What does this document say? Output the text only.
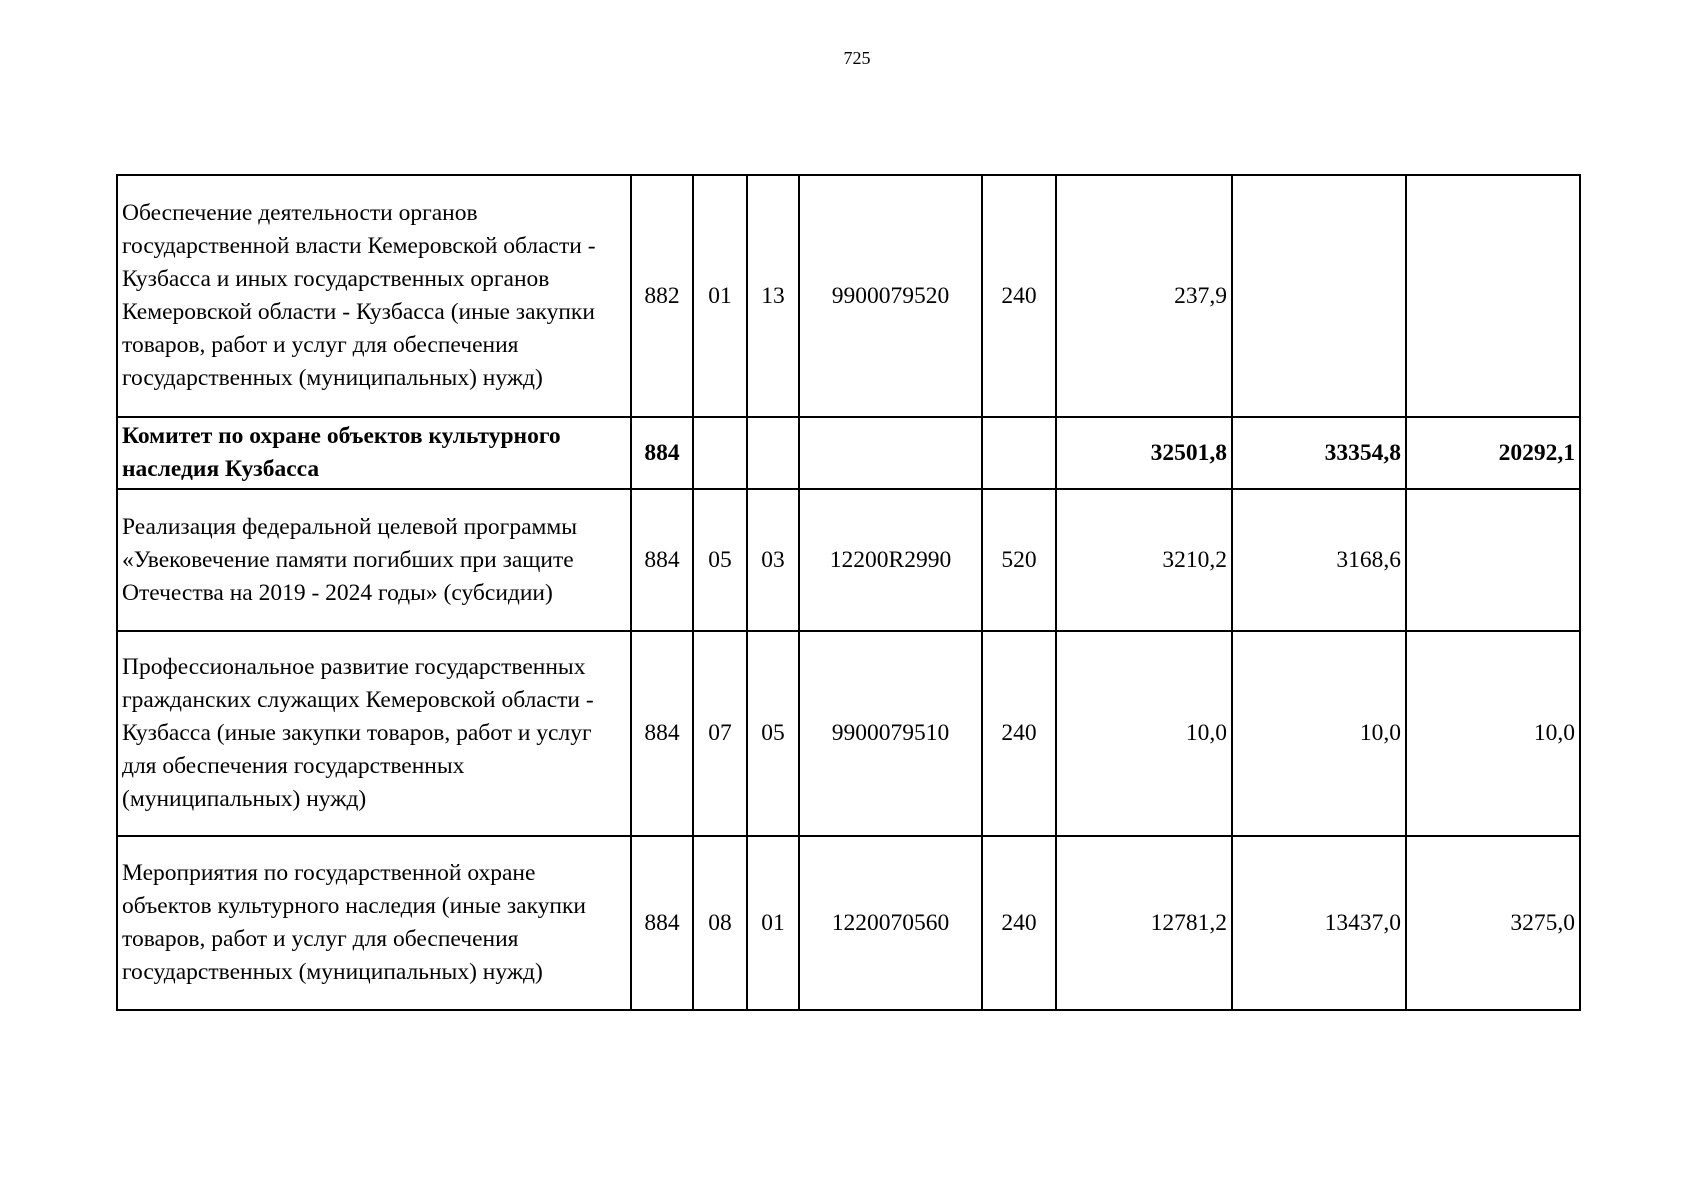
725
Обеспечение деятельности органов государственной власти Кемеровской области - Кузбасса и иных государственных органов Кемеровской области - Кузбасса (иные закупки товаров, работ и услуг для обеспечения государственных (муниципальных) нужд)	882	01	13	9900079520	240	237,9		
Комитет по охране объектов культурного наследия Кузбасса	884					32501,8	33354,8	20292,1
Реализация федеральной целевой программы «Увековечение памяти погибших при защите Отечества на 2019 - 2024 годы» (субсидии)	884	05	03	12200R2990	520	3210,2	3168,6	
Профессиональное развитие государственных гражданских служащих Кемеровской области - Кузбасса (иные закупки товаров, работ и услуг для обеспечения государственных (муниципальных) нужд)	884	07	05	9900079510	240	10,0	10,0	10,0
Мероприятия по государственной охране объектов культурного наследия (иные закупки товаров, работ и услуг для обеспечения государственных (муниципальных) нужд)	884	08	01	1220070560	240	12781,2	13437,0	3275,0
